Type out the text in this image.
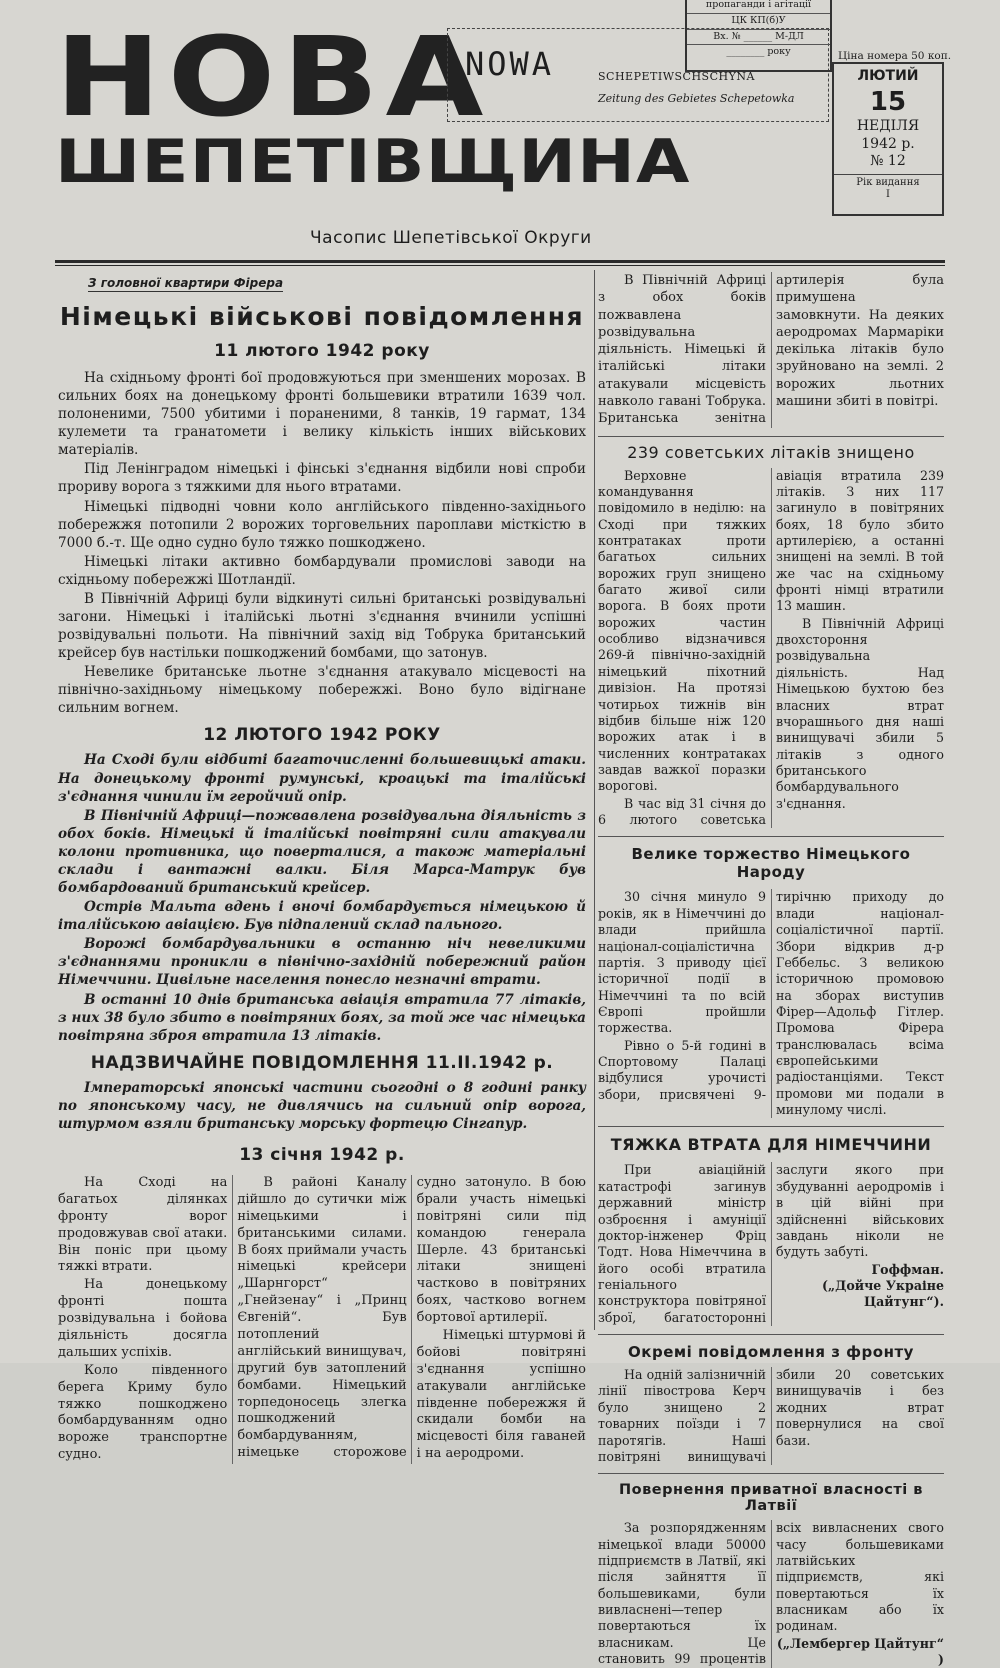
НОВА
ШЕПЕТІВЩИНА
NOWA	SCHEPETIWSCHSCHYNA
Zeitung des Gebietes Schepetowka
пропаганди і агітації
ЦК КП(б)У
Вх. № ______ М-ДЛ
________ року	Ціна номера 50 коп.
ЛЮТИЙ
15
НЕДІЛЯ
1942 р.
№ 12
Рік видання
І
Часопис Шепетівської Округи
З головної квартири Фірера
Німецькі військові повідомлення
11 лютого 1942 року

На східньому фронті бої продовжуються при зменшених морозах. В сильних боях на донецькому фронті большевики втратили 1639 чол. полоненими, 7500 убитими і пораненими, 8 танків, 19 гармат, 134 кулемети та гранатомети і велику кількість інших військових матеріалів.

Під Ленінградом німецькі і фінські з'єднання відбили нові спроби прориву ворога з тяжкими для нього втратами.

Німецькі підводні човни коло англійського південно-західнього побережжя потопили 2 ворожих торговельних пароплави місткістю в 7000 б.-т. Ще одно судно було тяжко пошкоджено.

Німецькі літаки активно бомбардували промислові заводи на східньому побережжі Шотландії.

В Північній Африці були відкинуті сильні британські розвідувальні загони. Німецькі і італійські льотні з'єднання вчинили успішні розвідувальні польоти. На північний захід від Тобрука британський крейсер був настільки пошкоджений бомбами, що затонув.

Невелике британське льотне з'єднання атакувало місцевості на північно-західньому німецькому побережжі. Воно було відігнане сильним вогнем.

12 ЛЮТОГО 1942 РОКУ

На Сході були відбиті багаточисленні большевицькі атаки. На донецькому фронті румунські, кроацькі та італійські з'єднання чинили їм геройчий опір.

В Північній Африці—пожвавлена розвідувальна діяльність з обох боків. Німецькі й італійські повітряні сили атакували колони противника, що поверталися, а також матеріальні склади і вантажні валки. Біля Марса-Матрук був бомбардований британський крейсер.

Острів Мальта вдень і вночі бомбардується німецькою й італійською авіацією. Був підпалений склад пального.

Ворожі бомбардувальники в останню ніч невеликими з'єднаннями проникли в північно-західній побережний район Німеччини. Цивільне населення понесло незначні втрати.

В останні 10 днів британська авіація втратила 77 літаків, з них 38 було збито в повітряних боях, за той же час німецька повітряна зброя втратила 13 літаків.

НАДЗВИЧАЙНЕ ПОВІДОМЛЕННЯ 11.ІІ.1942 р.

Імператорські японські частини сьогодні о 8 годині ранку по японському часу, не дивлячись на сильний опір ворога, штурмом взяли британську морську фортецю Сінгапур.

13 січня 1942 р.

На Сході на багатьох ділянках фронту ворог продовжував свої атаки. Він поніс при цьому тяжкі втрати.

На донецькому фронті пошта розвідувальна і бойова діяльність досягла дальших успіхів.

Коло південного берега Криму було тяжко пошкоджено бомбардуванням одно вороже транспортне судно.

В районі Каналу дійшло до сутички між німецькими і британськими силами. В боях приймали участь німецькі крейсери „Шарнгорст“ „Гнейзенау“ і „Принц Євгеній“. Був потоплений англійський винищувач, другий був затоплений бомбами. Німецький торпедоносець злегка пошкоджений бомбардуванням, німецьке сторожове судно затонуло. В бою брали участь німецькі повітряні сили під командою генерала Шерле. 43 британські літаки знищені частково в повітряних боях, частково вогнем бортової артилерії.

Німецькі штурмові й бойові повітряні з'єднання успішно атакували англійське південне побережжя й скидали бомби на місцевості біля гаваней і на аеродроми.

В Північній Африці з обох боків пожвавлена розвідувальна діяльність. Німецькі й італійські літаки атакували місцевість навколо гавані Тобрука. Британська зенітна артилерія була примушена замовкнути. На деяких аеродромах Мармаріки декілька літаків було зруйновано на землі. 2 ворожих льотних машини збиті в повітрі.

239 советських літаків знищено

Верховне командування повідомило в неділю: на Сході при тяжких контратаках проти багатьох сильних ворожих груп знищено багато живої сили ворога. В боях проти ворожих частин особливо відзначився 269-й північно-західній німецький піхотний дивізіон. На протязі чотирьох тижнів він відбив більше ніж 120 ворожих атак і в численних контратаках завдав важкої поразки ворогові.

В час від 31 січня до 6 лютого советська авіація втратила 239 літаків. З них 117 загинуло в повітряних боях, 18 було збито артилерією, а останні знищені на землі. В той же час на східньому фронті німці втратили 13 машин.

В Північній Африці двохстороння розвідувальна діяльність. Над Німецькою бухтою без власних втрат вчорашнього дня наші винищувачі збили 5 літаків з одного британського бомбардувального з'єднання.

Велике торжество Німецького Народу

30 січня минуло 9 років, як в Німеччині до влади прийшла націонал-соціалістична партія. З приводу цієї історичної події в Німеччині та по всій Європі пройшли торжества.

Рівно о 5-й годині в Спортовому Палаці відбулися урочисті збори, присвячені 9-тирічню приходу до влади націонал-соціалістичної партії. Збори відкрив д-р Геббельс. З великою історичною промовою на зборах виступив Фірер—Адольф Гітлер. Промова Фірера транслювалась всіма європейськими радіостанціями. Текст промови ми подали в минулому числі.

ТЯЖКА ВТРАТА ДЛЯ НІМЕЧЧИНИ

При авіаційній катастрофі загинув державний міністр озброєння і амуніції доктор-інженер Фріц Тодт. Нова Німеччина в його особі втратила геніального конструктора повітряної зброї, багатосторонні заслуги якого при збудуванні аеродромів і в цій війні при здійсненні військових завдань ніколи не будуть забуті.

Гоффман.
(„Дойче Украіне Цайтунг“).
Окремі повідомлення з фронту

На одній залізничній лінії півострова Керч було знищено 2 товарних поїзди і 7 паротягів. Наші повітряні винищувачі збили 20 советських винищувачів і без жодних втрат повернулися на свої бази.

Повернення приватної власності в Латвії

За розпорядженням німецької влади 50000 підприємств в Латвії, які після зайняття її большевиками, були вивласнені—тепер повертаються їх власникам. Це становить 99 процентів всіх вивласнених свого часу большевиками латвійських підприємств, які повертаються їх власникам або їх родинам.

(„Лембергер Цайтунг“ )
